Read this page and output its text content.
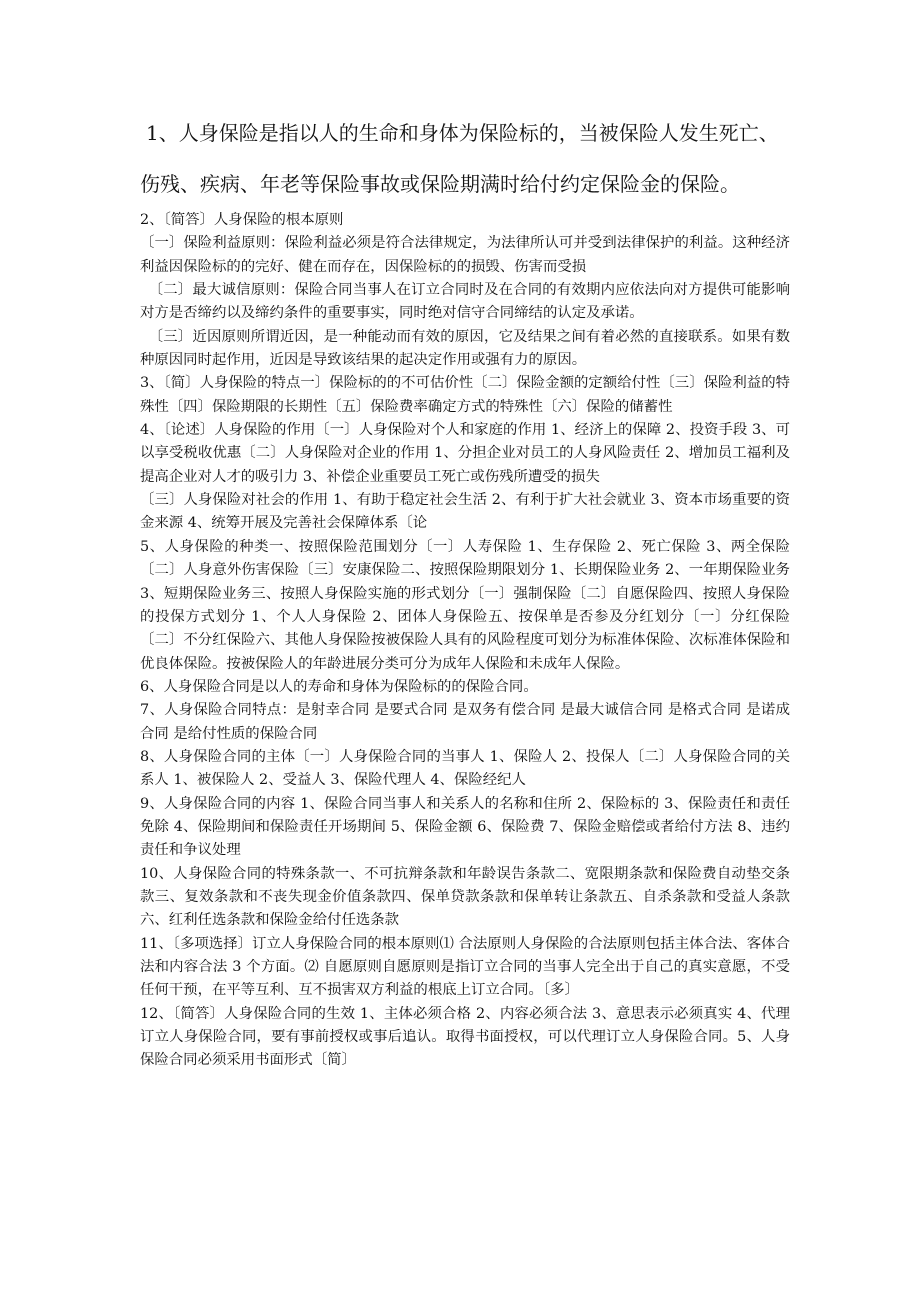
1、人身保险是指以人的生命和身体为保险标的，当被保险人发生死亡、
伤残、疾病、年老等保险事故或保险期满时给付约定保险金的保险。

2、〔简答〕人身保险的根本原则

〔一〕保险利益原则：保险利益必须是符合法律规定，为法律所认可并受到法律保护的利益。这种经济利益因保险标的的完好、健在而存在，因保险标的的损毁、伤害而受损

〔二〕最大诚信原则：保险合同当事人在订立合同时及在合同的有效期内应依法向对方提供可能影响对方是否缔约以及缔约条件的重要事实，同时绝对信守合同缔结的认定及承诺。

〔三〕近因原则所谓近因，是一种能动而有效的原因，它及结果之间有着必然的直接联系。如果有数种原因同时起作用，近因是导致该结果的起决定作用或强有力的原因。

3、〔简〕人身保险的特点一〕保险标的的不可估价性〔二〕保险金额的定额给付性〔三〕保险利益的特殊性〔四〕保险期限的长期性〔五〕保险费率确定方式的特殊性〔六〕保险的储蓄性

4、〔论述〕人身保险的作用〔一〕人身保险对个人和家庭的作用 1、经济上的保障 2、投资手段 3、可以享受税收优惠〔二〕人身保险对企业的作用 1、分担企业对员工的人身风险责任 2、增加员工福利及提高企业对人才的吸引力 3、补偿企业重要员工死亡或伤残所遭受的损失

〔三〕人身保险对社会的作用 1、有助于稳定社会生活 2、有利于扩大社会就业 3、资本市场重要的资金来源 4、统筹开展及完善社会保障体系〔论

5、人身保险的种类一、按照保险范围划分〔一〕人寿保险 1、生存保险 2、死亡保险 3、两全保险〔二〕人身意外伤害保险〔三〕安康保险二、按照保险期限划分 1、长期保险业务 2、一年期保险业务 3、短期保险业务三、按照人身保险实施的形式划分〔一〕强制保险〔二〕自愿保险四、按照人身保险的投保方式划分 1、个人人身保险 2、团体人身保险五、按保单是否参及分红划分〔一〕分红保险〔二〕不分红保险六、其他人身保险按被保险人具有的风险程度可划分为标准体保险、次标准体保险和优良体保险。按被保险人的年龄进展分类可分为成年人保险和未成年人保险。

6、人身保险合同是以人的寿命和身体为保险标的的保险合同。

7、人身保险合同特点：是射幸合同 是要式合同 是双务有偿合同 是最大诚信合同 是格式合同 是诺成合同 是给付性质的保险合同

8、人身保险合同的主体〔一〕人身保险合同的当事人 1、保险人 2、投保人〔二〕人身保险合同的关系人 1、被保险人 2、受益人 3、保险代理人 4、保险经纪人

9、人身保险合同的内容 1、保险合同当事人和关系人的名称和住所 2、保险标的 3、保险责任和责任免除 4、保险期间和保险责任开场期间 5、保险金额 6、保险费 7、保险金赔偿或者给付方法 8、违约责任和争议处理

10、人身保险合同的特殊条款一、不可抗辩条款和年龄误告条款二、宽限期条款和保险费自动垫交条款三、复效条款和不丧失现金价值条款四、保单贷款条款和保单转让条款五、自杀条款和受益人条款六、红利任选条款和保险金给付任选条款

11、〔多项选择〕订立人身保险合同的根本原则⑴ 合法原则人身保险的合法原则包括主体合法、客体合法和内容合法 3 个方面。⑵ 自愿原则自愿原则是指订立合同的当事人完全出于自己的真实意愿，不受任何干预，在平等互利、互不损害双方利益的根底上订立合同。〔多〕

12、〔简答〕人身保险合同的生效 1、主体必须合格 2、内容必须合法 3、意思表示必须真实 4、代理订立人身保险合同，要有事前授权或事后追认。取得书面授权，可以代理订立人身保险合同。5、人身保险合同必须采用书面形式〔简〕
